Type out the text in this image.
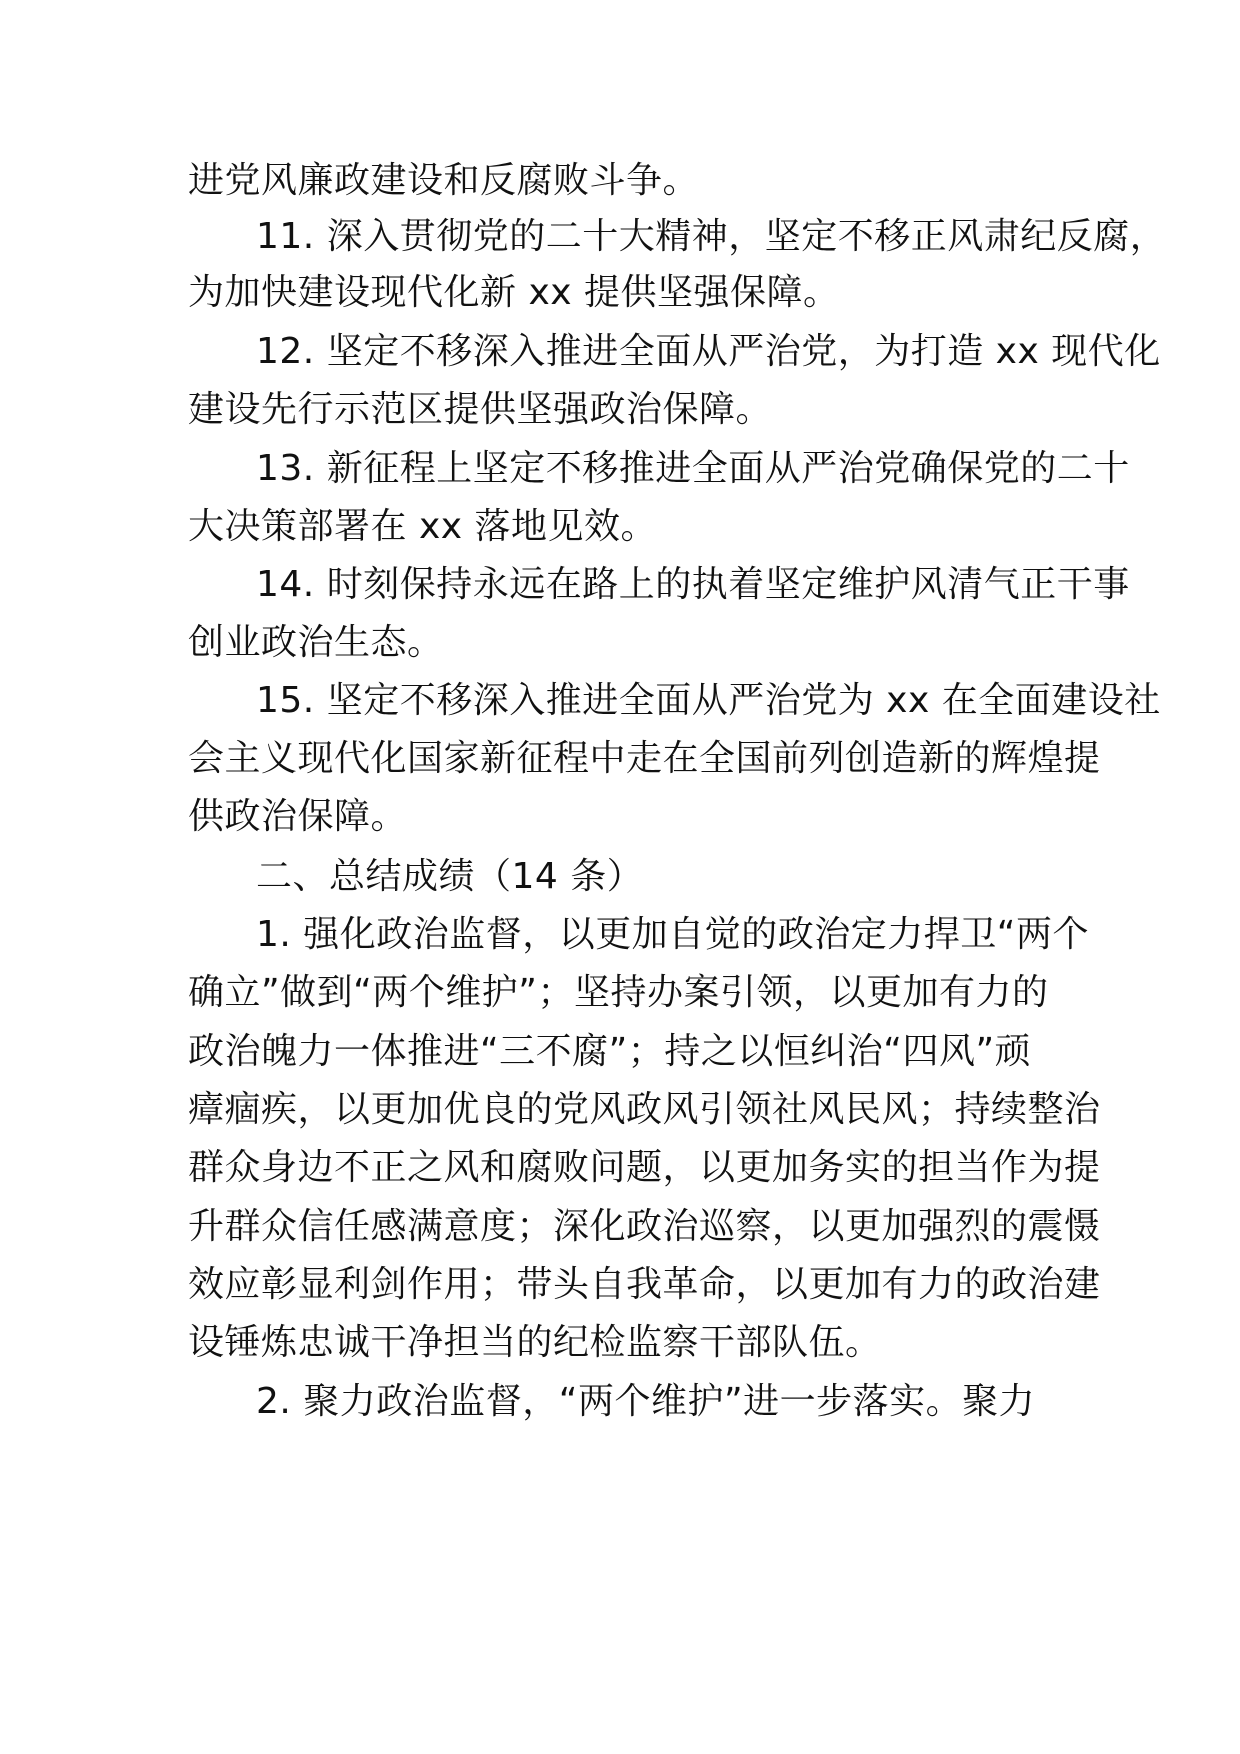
进党风廉政建设和反腐败斗争。
11. 深入贯彻党的二十大精神，坚定不移正风肃纪反腐，
为加快建设现代化新 xx 提供坚强保障。
12. 坚定不移深入推进全面从严治党，为打造 xx 现代化
建设先行示范区提供坚强政治保障。
13. 新征程上坚定不移推进全面从严治党确保党的二十
大决策部署在 xx 落地见效。
14. 时刻保持永远在路上的执着坚定维护风清气正干事
创业政治生态。
15. 坚定不移深入推进全面从严治党为 xx 在全面建设社
会主义现代化国家新征程中走在全国前列创造新的辉煌提
供政治保障。
二、总结成绩（14 条）
1. 强化政治监督，以更加自觉的政治定力捍卫“两个
确立”做到“两个维护”；坚持办案引领，以更加有力的
政治魄力一体推进“三不腐”；持之以恒纠治“四风”顽
瘴痼疾，以更加优良的党风政风引领社风民风；持续整治
群众身边不正之风和腐败问题，以更加务实的担当作为提
升群众信任感满意度；深化政治巡察，以更加强烈的震慑
效应彰显利剑作用；带头自我革命，以更加有力的政治建
设锤炼忠诚干净担当的纪检监察干部队伍。
2. 聚力政治监督，“两个维护”进一步落实。聚力
